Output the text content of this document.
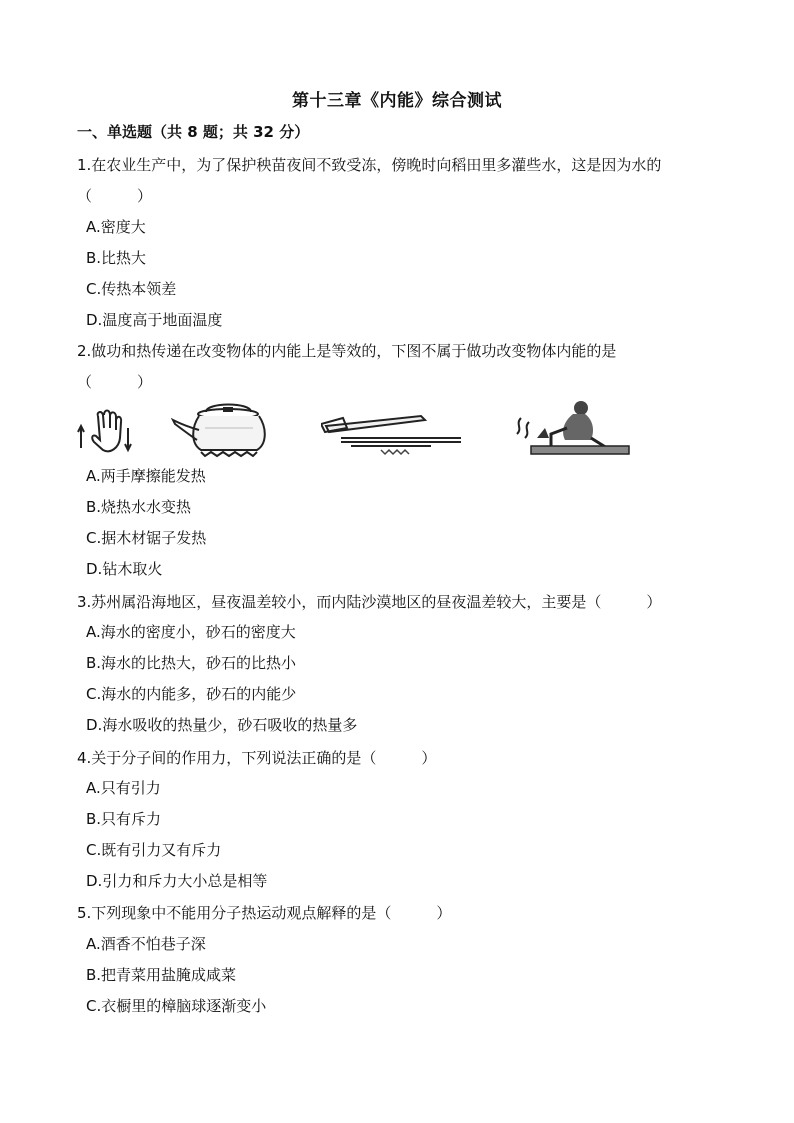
第十三章《内能》综合测试
一、单选题（共 8 题；共 32 分）
1.在农业生产中，为了保护秧苗夜间不致受冻，傍晚时向稻田里多灌些水，这是因为水的
（　　　）
A.密度大
B.比热大
C.传热本领差
D.温度高于地面温度
2.做功和热传递在改变物体的内能上是等效的，下图不属于做功改变物体内能的是
（　　　）
A.两手摩擦能发热
B.烧热水水变热
C.据木材锯子发热
D.钻木取火
3.苏州属沿海地区，昼夜温差较小，而内陆沙漠地区的昼夜温差较大，主要是（　　　）
A.海水的密度小，砂石的密度大
B.海水的比热大，砂石的比热小
C.海水的内能多，砂石的内能少
D.海水吸收的热量少，砂石吸收的热量多
4.关于分子间的作用力，下列说法正确的是（　　　）
A.只有引力
B.只有斥力
C.既有引力又有斥力
D.引力和斥力大小总是相等
5.下列现象中不能用分子热运动观点解释的是（　　　）
A.酒香不怕巷子深
B.把青菜用盐腌成咸菜
C.衣橱里的樟脑球逐渐变小
